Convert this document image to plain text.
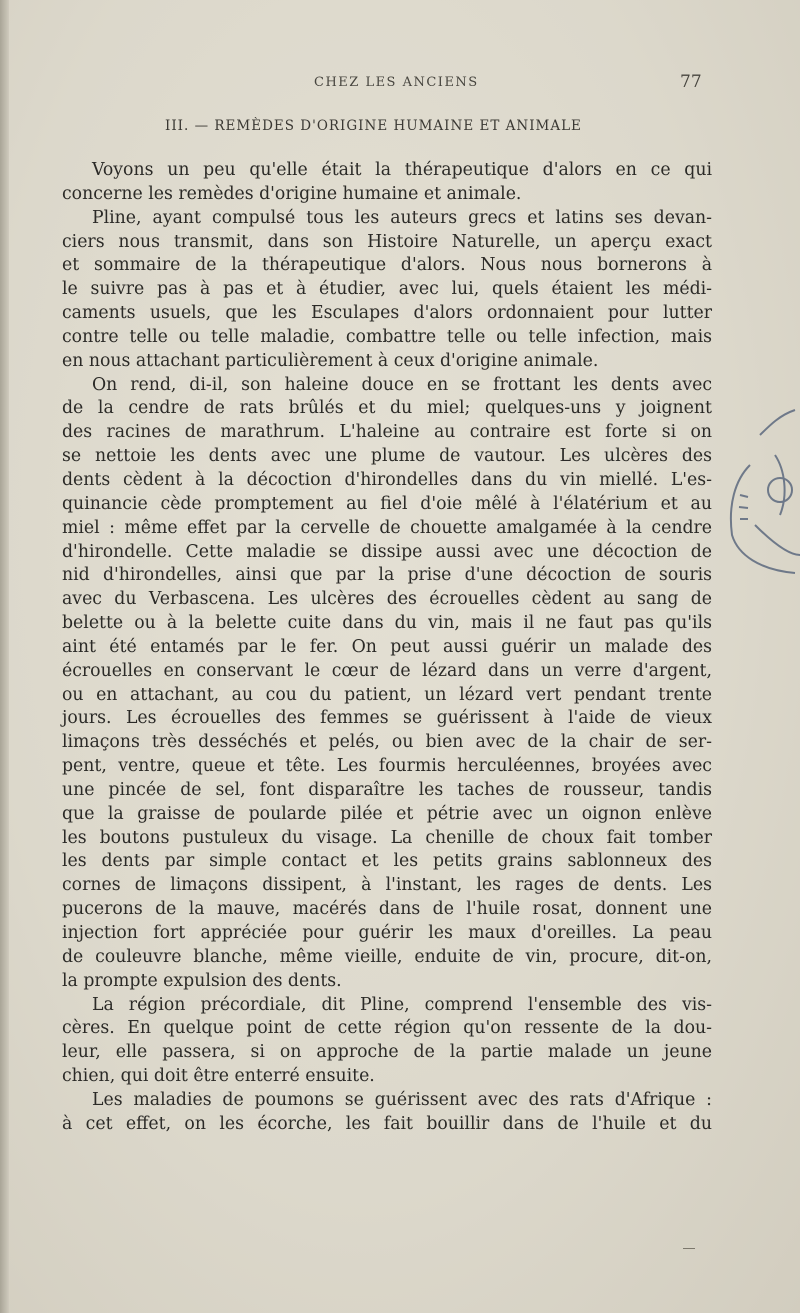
CHEZ LES ANCIENS	77
III. — REMÈDES D'ORIGINE HUMAINE ET ANIMALE
Voyons un peu qu'elle était la thérapeutique d'alors en ce qui
concerne les remèdes d'origine humaine et animale.
Pline, ayant compulsé tous les auteurs grecs et latins ses devan-
ciers nous transmit, dans son Histoire Naturelle, un aperçu exact
et sommaire de la thérapeutique d'alors. Nous nous bornerons à
le suivre pas à pas et à étudier, avec lui, quels étaient les médi-
caments usuels, que les Esculapes d'alors ordonnaient pour lutter
contre telle ou telle maladie, combattre telle ou telle infection, mais
en nous attachant particulièrement à ceux d'origine animale.
On rend, di-il, son haleine douce en se frottant les dents avec
de la cendre de rats brûlés et du miel; quelques-uns y joignent
des racines de marathrum. L'haleine au contraire est forte si on
se nettoie les dents avec une plume de vautour. Les ulcères des
dents cèdent à la décoction d'hirondelles dans du vin miellé. L'es-
quinancie cède promptement au fiel d'oie mêlé à l'élatérium et au
miel : même effet par la cervelle de chouette amalgamée à la cendre
d'hirondelle. Cette maladie se dissipe aussi avec une décoction de
nid d'hirondelles, ainsi que par la prise d'une décoction de souris
avec du Verbascena. Les ulcères des écrouelles cèdent au sang de
belette ou à la belette cuite dans du vin, mais il ne faut pas qu'ils
aint été entamés par le fer. On peut aussi guérir un malade des
écrouelles en conservant le cœur de lézard dans un verre d'argent,
ou en attachant, au cou du patient, un lézard vert pendant trente
jours. Les écrouelles des femmes se guérissent à l'aide de vieux
limaçons très desséchés et pelés, ou bien avec de la chair de ser-
pent, ventre, queue et tête. Les fourmis herculéennes, broyées avec
une pincée de sel, font disparaître les taches de rousseur, tandis
que la graisse de poularde pilée et pétrie avec un oignon enlève
les boutons pustuleux du visage. La chenille de choux fait tomber
les dents par simple contact et les petits grains sablonneux des
cornes de limaçons dissipent, à l'instant, les rages de dents. Les
pucerons de la mauve, macérés dans de l'huile rosat, donnent une
injection fort appréciée pour guérir les maux d'oreilles. La peau
de couleuvre blanche, même vieille, enduite de vin, procure, dit-on,
la prompte expulsion des dents.
La région précordiale, dit Pline, comprend l'ensemble des vis-
cères. En quelque point de cette région qu'on ressente de la dou-
leur, elle passera, si on approche de la partie malade un jeune
chien, qui doit être enterré ensuite.
Les maladies de poumons se guérissent avec des rats d'Afrique :
à cet effet, on les écorche, les fait bouillir dans de l'huile et du
